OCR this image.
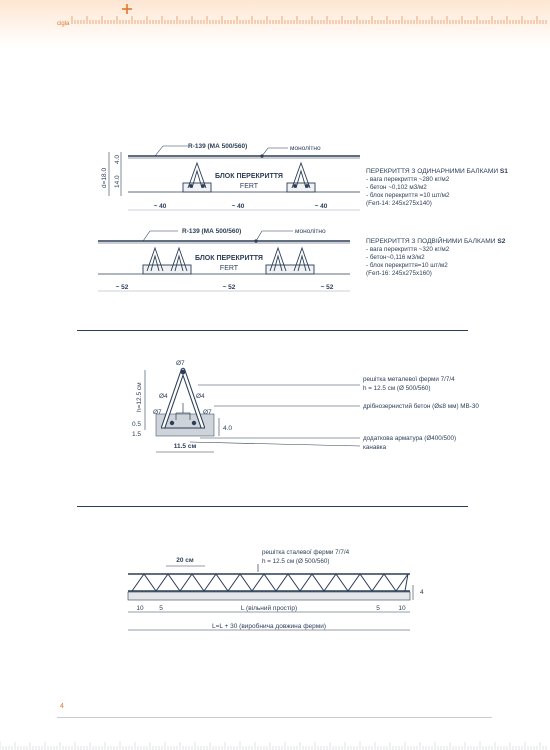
cigla
R-139 (МА 500/560)	монолітно
БЛОК ПЕРЕКРИТТЯ
FERT
d=18.0
4.0
14.0
~ 40	~ 40	~ 40
ПЕРЕКРИТТЯ З ОДИНАРНИМИ БАЛКАМИ S1
- вага перекриття ~280 кг/м2
- бетон ~0,102 м3/м2
- блок перекриття =10 шт/м2
(Fert-14: 245x275x140)
R-139 (МА 500/560)	монолітно
БЛОК ПЕРЕКРИТТЯ
FERT
~ 52	~ 52	~ 52
ПЕРЕКРИТТЯ З ПОДВІЙНИМИ БАЛКАМИ S2
- вага перекриття ~320 кг/м2
- бетон~0,116 м3/м2
- блок перекриття=10 шт/м2
(Fert-16: 245x275x160)
Ø7
Ø4	Ø4
Ø7	Ø7
h=12.5 см
0.5
1.5
4.0
11.5 см
решітка металевої ферми 7/7/4
h = 12.5 см (Ø 500/560)
дрібнозернистий бетон (Ø≤8 мм) МВ-30
додаткова арматура (Ø400/500)
канавка
20 см
решітка сталевої ферми 7/7/4
h = 12.5 см (Ø 500/560)
4
10 5	L (вільний простір)	5	10
L=L + 30 (виробнича довжина ферми)
4
